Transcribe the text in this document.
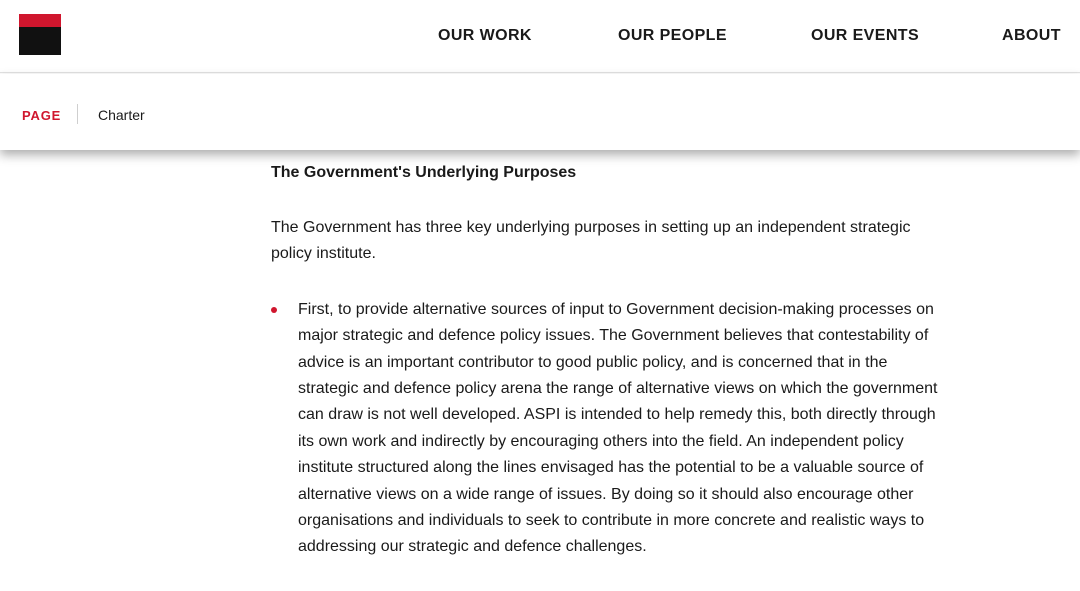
OUR WORK	OUR PEOPLE	OUR EVENTS	ABOUT
PAGE	Charter
The Government's Underlying Purposes

The Government has three key underlying purposes in setting up an independent strategic policy institute.

First, to provide alternative sources of input to Government decision-making processes on major strategic and defence policy issues. The Government believes that contestability of advice is an important contributor to good public policy, and is concerned that in the strategic and defence policy arena the range of alternative views on which the government can draw is not well developed. ASPI is intended to help remedy this, both directly through its own work and indirectly by encouraging others into the field. An independent policy institute structured along the lines envisaged has the potential to be a valuable source of alternative views on a wide range of issues. By doing so it should also encourage other organisations and individuals to seek to contribute in more concrete and realistic ways to addressing our strategic and defence challenges.
